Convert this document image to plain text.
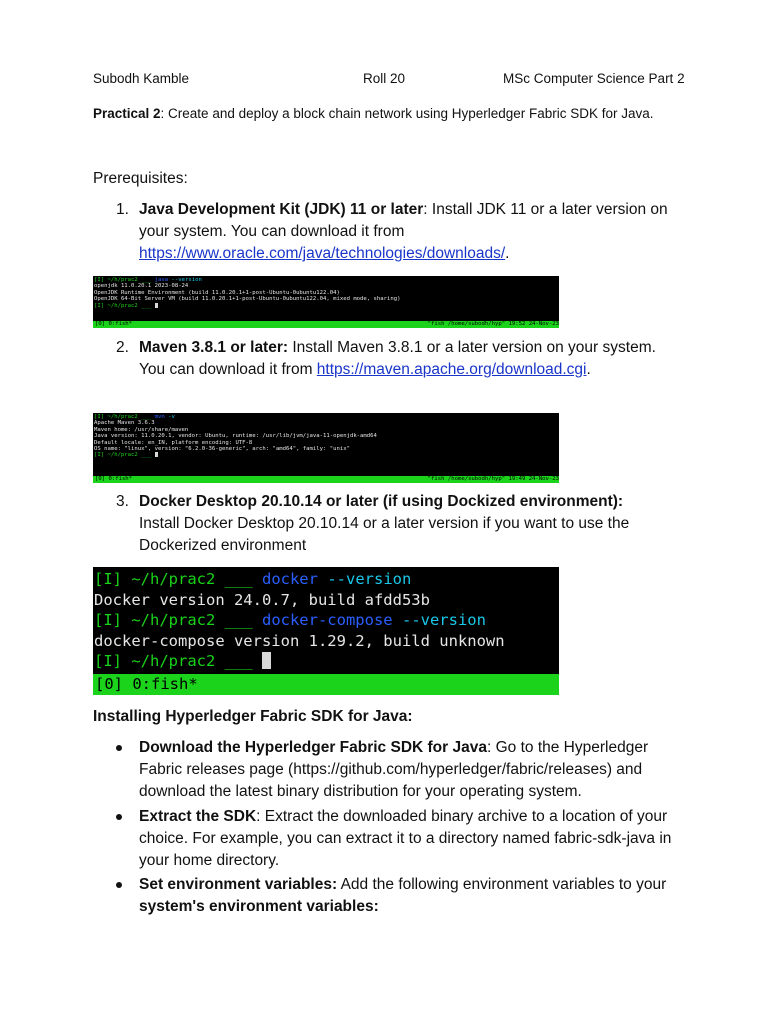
Subodh Kamble	Roll 20	MSc Computer Science Part 2
Practical 2: Create and deploy a block chain network using Hyperledger Fabric SDK for Java.
Prerequisites:
1. Java Development Kit (JDK) 11 or later: Install JDK 11 or a later version on your system. You can download it from https://www.oracle.com/java/technologies/downloads/.
[I] ~/h/prac2 ___ java --version
openjdk 11.0.20.1 2023-08-24
OpenJDK Runtime Environment (build 11.0.20.1+1-post-Ubuntu-0ubuntu122.04)
OpenJDK 64-Bit Server VM (build 11.0.20.1+1-post-Ubuntu-0ubuntu122.04, mixed mode, sharing)
[I] ~/h/prac2 ___
[0] 0:fish*	"fish /home/subodh/hyp" 19:52 24-Nov-23
2. Maven 3.8.1 or later: Install Maven 3.8.1 or a later version on your system. You can download it from https://maven.apache.org/download.cgi.
[I] ~/h/prac2 ___ mvn -v
Apache Maven 3.6.3
Maven home: /usr/share/maven
Java version: 11.0.20.1, vendor: Ubuntu, runtime: /usr/lib/jvm/java-11-openjdk-amd64
Default locale: en_IN, platform encoding: UTF-8
OS name: "linux", version: "6.2.0-36-generic", arch: "amd64", family: "unix"
[I] ~/h/prac2 ___
[0] 0:fish*	"fish /home/subodh/hyp" 19:49 24-Nov-23
3. Docker Desktop 20.10.14 or later (if using Dockized environment):
Install Docker Desktop 20.10.14 or a later version if you want to use the Dockerized environment
[I] ~/h/prac2 ___ docker --version
Docker version 24.0.7, build afdd53b
[I] ~/h/prac2 ___ docker-compose --version
docker-compose version 1.29.2, build unknown
[I] ~/h/prac2 ___
[0] 0:fish*
Installing Hyperledger Fabric SDK for Java:
Download the Hyperledger Fabric SDK for Java: Go to the Hyperledger Fabric releases page (https://github.com/hyperledger/fabric/releases) and download the latest binary distribution for your operating system.
Extract the SDK: Extract the downloaded binary archive to a location of your choice. For example, you can extract it to a directory named fabric-sdk-java in your home directory.
Set environment variables: Add the following environment variables to your system's environment variables:
